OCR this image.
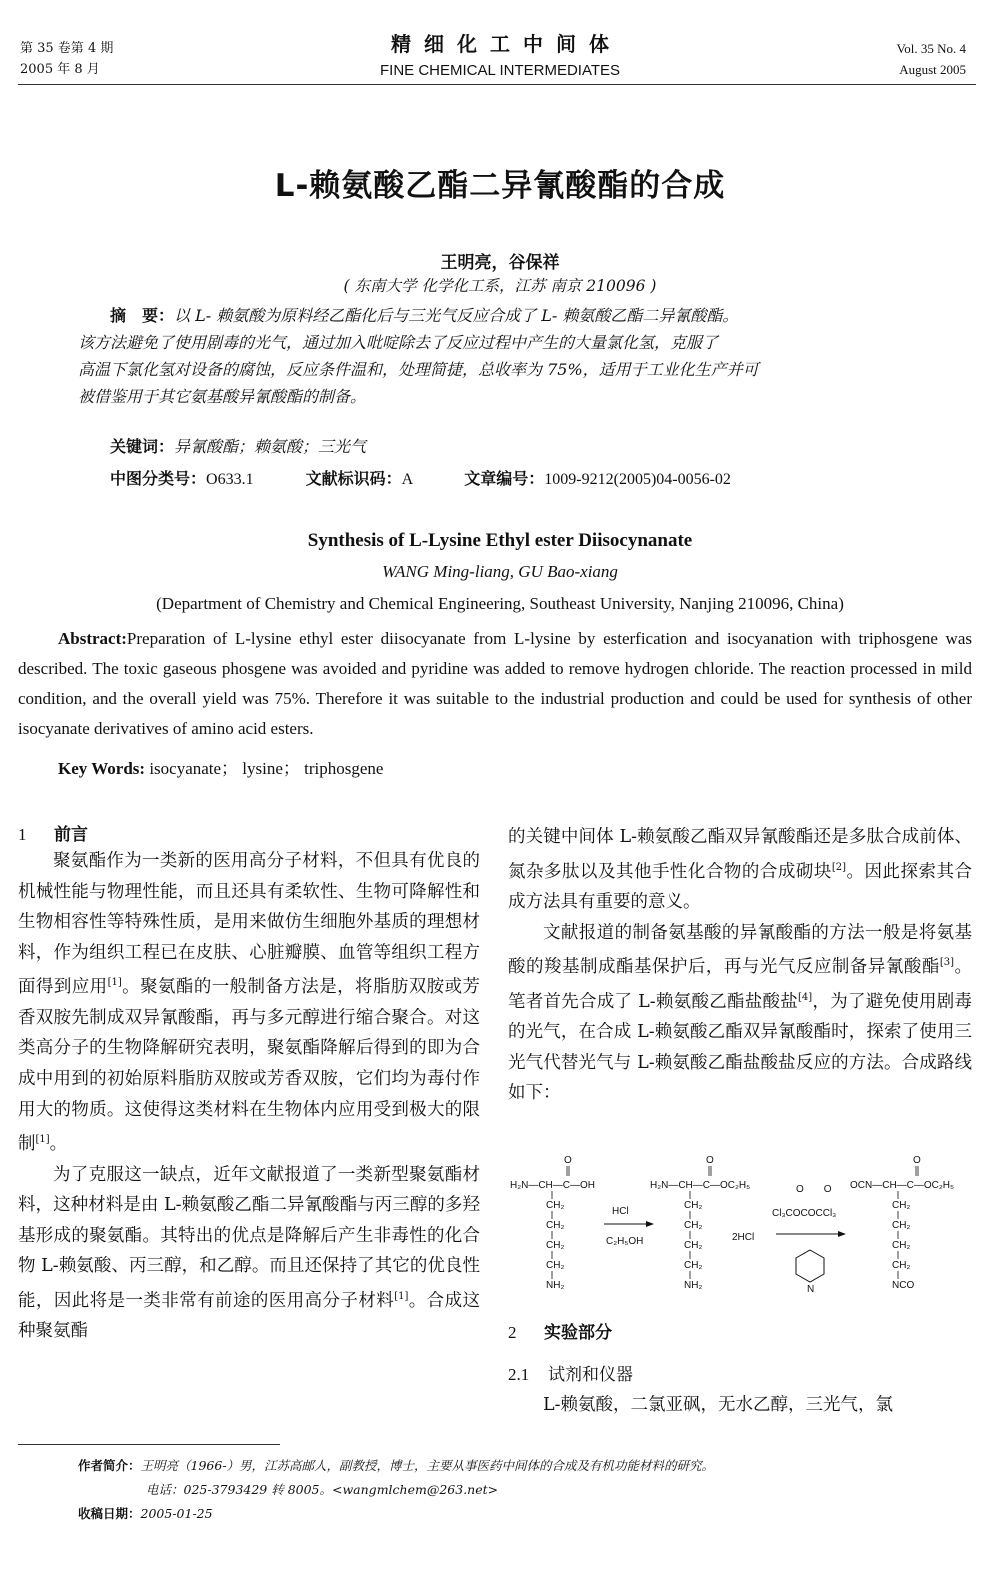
第 35 卷第 4 期
2005 年 8 月
精细化工中间体
FINE CHEMICAL INTERMEDIATES
Vol. 35 No. 4
August 2005
L-赖氨酸乙酯二异氰酸酯的合成
王明亮，谷保祥
( 东南大学 化学化工系，江苏 南京 210096 )
摘　要：以 L- 赖氨酸为原料经乙酯化后与三光气反应合成了 L- 赖氨酸乙酯二异氰酸酯。
该方法避免了使用剧毒的光气，通过加入吡啶除去了反应过程中产生的大量氯化氢，克服了
高温下氯化氢对设备的腐蚀，反应条件温和，处理简捷，总收率为 75%，适用于工业化生产并可
被借鉴用于其它氨基酸异氰酸酯的制备。
关键词：异氰酸酯；赖氨酸；三光气
中图分类号：O633.1	文献标识码：A	文章编号：1009-9212(2005)04-0056-02
Synthesis of L-Lysine Ethyl ester Diisocynanate
WANG Ming-liang, GU Bao-xiang
(Department of Chemistry and Chemical Engineering, Southeast University, Nanjing 210096, China)
Abstract:Preparation of L-lysine ethyl ester diisocyanate from L-lysine by esterfication and isocyanation with triphosgene was described. The toxic gaseous phosgene was avoided and pyridine was added to remove hydrogen chloride. The reaction processed in mild condition, and the overall yield was 75%. Therefore it was suitable to the industrial production and could be used for synthesis of other isocyanate derivatives of amino acid esters.
Key Words: isocyanate； lysine； triphosgene
1 前言

聚氨酯作为一类新的医用高分子材料，不但具有优良的机械性能与物理性能，而且还具有柔软性、生物可降解性和生物相容性等特殊性质，是用来做仿生细胞外基质的理想材料，作为组织工程已在皮肤、心脏瓣膜、血管等组织工程方面得到应用[1]。聚氨酯的一般制备方法是，将脂肪双胺或芳香双胺先制成双异氰酸酯，再与多元醇进行缩合聚合。对这类高分子的生物降解研究表明，聚氨酯降解后得到的即为合成中用到的初始原料脂肪双胺或芳香双胺，它们均为毒付作用大的物质。这使得这类材料在生物体内应用受到极大的限制[1]。

为了克服这一缺点，近年文献报道了一类新型聚氨酯材料，这种材料是由 L-赖氨酸乙酯二异氰酸酯与丙三醇的多羟基形成的聚氨酯。其特出的优点是降解后产生非毒性的化合物 L-赖氨酸、丙三醇，和乙醇。而且还保持了其它的优良性能，因此将是一类非常有前途的医用高分子材料[1]。合成这种聚氨酯

的关键中间体 L-赖氨酸乙酯双异氰酸酯还是多肽合成前体、氮杂多肽以及其他手性化合物的合成砌块[2]。因此探索其合成方法具有重要的意义。

文献报道的制备氨基酸的异氰酸酯的方法一般是将氨基酸的羧基制成酯基保护后，再与光气反应制备异氰酸酯[3]。笔者首先合成了 L-赖氨酸乙酯盐酸盐[4]，为了避免使用剧毒的光气，在合成 L-赖氨酸乙酯双异氰酸酯时，探索了使用三光气代替光气与 L-赖氨酸乙酯盐酸盐反应的方法。合成路线如下：

O
H₂N—CH—C—OH
CH₂
CH₂
CH₂
CH₂
NH₂
HCl
C₂H₅OH
O
H₂N—CH—C—OC₂H₅
CH₂
CH₂
CH₂
CH₂
NH₂
2HCl
O　　O
Cl₃COCOCCl₃
N
O
OCN—CH—C—OC₂H₅
CH₂
CH₂
CH₂
CH₂
NCO
2 实验部分
2.1 试剂和仪器
L-赖氨酸，二氯亚砜，无水乙醇，三光气，氯
作者简介：王明亮（1966-）男，江苏高邮人，副教授，博士，主要从事医药中间体的合成及有机功能材料的研究。
电话：025-3793429 转 8005。<wangmlchem@263.net>
收稿日期：2005-01-25
